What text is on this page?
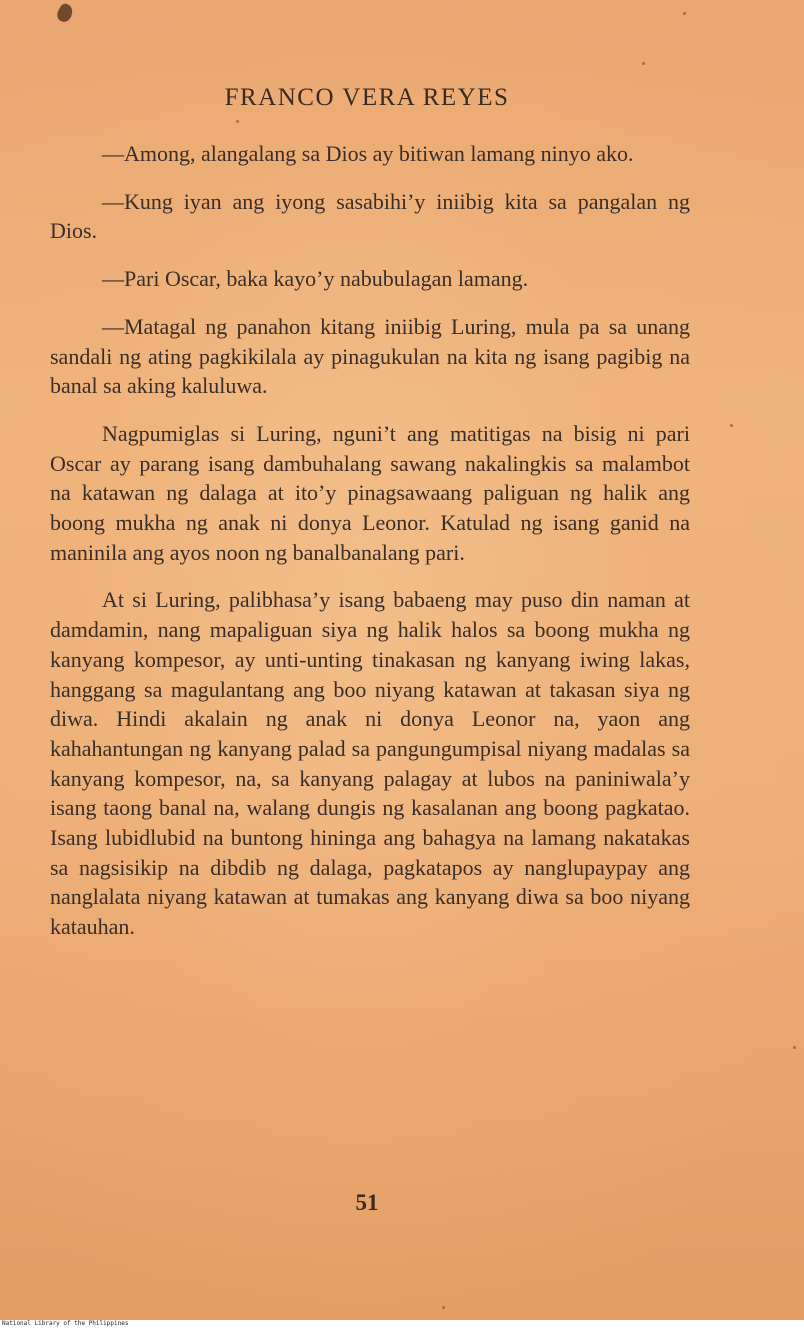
FRANCO VERA REYES

—Among, alangalang sa Dios ay bitiwan lamang ninyo ako.

—Kung iyan ang iyong sasabihi’y iniibig kita sa pangalan ng Dios.

—Pari Oscar, baka kayo’y nabubulagan lamang.

—Matagal ng panahon kitang iniibig Luring, mula pa sa unang sandali ng ating pagkikilala ay pinagukulan na kita ng isang pagibig na banal sa aking kaluluwa.

Nagpumiglas si Luring, nguni’t ang matitigas na bisig ni pari Oscar ay parang isang dambuhalang sawang nakalingkis sa malambot na katawan ng dalaga at ito’y pinagsawaang paliguan ng halik ang boong mukha ng anak ni donya Leonor. Katulad ng isang ganid na maninila ang ayos noon ng banalbanalang pari.

At si Luring, palibhasa’y isang babaeng may puso din naman at damdamin, nang mapaliguan siya ng halik halos sa boong mukha ng kanyang kompesor, ay unti-unting tinakasan ng kanyang iwing lakas, hanggang sa magulantang ang boo niyang katawan at takasan siya ng diwa. Hindi akalain ng anak ni donya Leonor na, yaon ang kahahantungan ng kanyang palad sa pangungumpisal niyang madalas sa kanyang kompesor, na, sa kanyang palagay at lubos na paniniwala’y isang taong banal na, walang dungis ng kasalanan ang boong pagkatao. Isang lubidlubid na buntong hininga ang bahagya na lamang nakatakas sa nagsisikip na dibdib ng dalaga, pagkatapos ay nanglupaypay ang nanglalata niyang katawan at tumakas ang kanyang diwa sa boo niyang katauhan.

51
National Library of the Philippines
